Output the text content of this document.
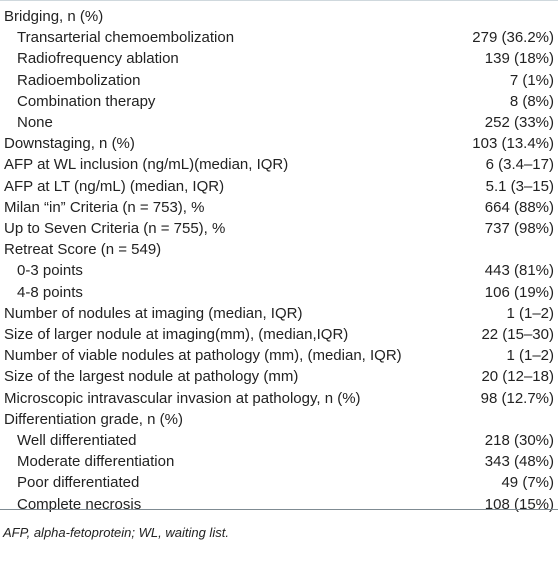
Bridging, n (%)	
Transarterial chemoembolization	279 (36.2%)
Radiofrequency ablation	139 (18%)
Radioembolization	7 (1%)
Combination therapy	8 (8%)
None	252 (33%)
Downstaging, n (%)	103 (13.4%)
AFP at WL inclusion (ng/mL)(median, IQR)	6 (3.4–17)
AFP at LT (ng/mL) (median, IQR)	5.1 (3–15)
Milan “in” Criteria (n = 753), %	664 (88%)
Up to Seven Criteria (n = 755), %	737 (98%)
Retreat Score (n = 549)	
0-3 points	443 (81%)
4-8 points	106 (19%)
Number of nodules at imaging (median, IQR)	1 (1–2)
Size of larger nodule at imaging(mm), (median,IQR)	22 (15–30)
Number of viable nodules at pathology (mm), (median, IQR)	1 (1–2)
Size of the largest nodule at pathology (mm)	20 (12–18)
Microscopic intravascular invasion at pathology, n (%)	98 (12.7%)
Differentiation grade, n (%)	
Well differentiated	218 (30%)
Moderate differentiation	343 (48%)
Poor differentiated	49 (7%)
Complete necrosis	108 (15%)
AFP, alpha-fetoprotein; WL, waiting list.
